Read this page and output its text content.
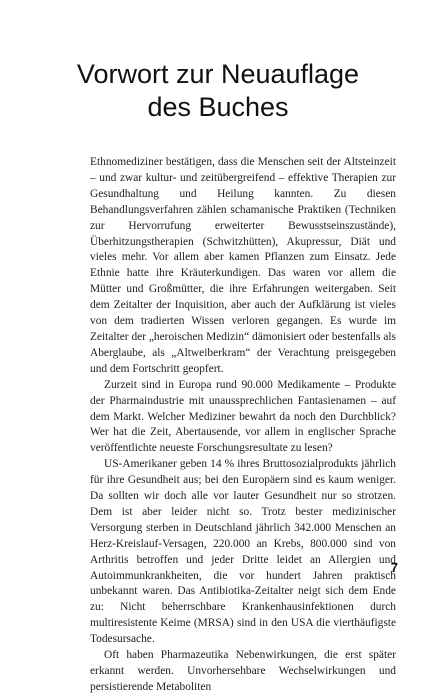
Vorwort zur Neuauflage
des Buches

Ethnomediziner bestätigen, dass die Menschen seit der Altsteinzeit – und zwar kultur- und zeitübergreifend – effektive Therapien zur Gesundhaltung und Heilung kannten. Zu diesen Behandlungsverfahren zählen schamanische Praktiken (Techniken zur Hervorrufung erweiterter Bewusstseinszustände), Überhitzungstherapien (Schwitzhütten), Akupressur, Diät und vieles mehr. Vor allem aber kamen Pflanzen zum Einsatz. Jede Ethnie hatte ihre Kräuterkundigen. Das waren vor allem die Mütter und Großmütter, die ihre Erfahrungen weitergaben. Seit dem Zeitalter der Inquisition, aber auch der Aufklärung ist vieles von dem tradierten Wissen verloren gegangen. Es wurde im Zeitalter der „heroischen Medizin“ dämonisiert oder bestenfalls als Aberglaube, als „Altweiberkram“ der Verachtung preisgegeben und dem Fortschritt geopfert.

Zurzeit sind in Europa rund 90.000 Medikamente – Produkte der Pharmaindustrie mit unaussprechlichen Fantasienamen – auf dem Markt. Welcher Mediziner bewahrt da noch den Durchblick? Wer hat die Zeit, Abertausende, vor allem in englischer Sprache veröffentlichte neueste Forschungsresultate zu lesen?

US-Amerikaner geben 14 % ihres Bruttosozialprodukts jährlich für ihre Gesundheit aus; bei den Europäern sind es kaum weniger. Da sollten wir doch alle vor lauter Gesundheit nur so strotzen. Dem ist aber leider nicht so. Trotz bester medizinischer Versorgung sterben in Deutschland jährlich 342.000 Menschen an Herz-Kreislauf-Versagen, 220.000 an Krebs, 800.000 sind von Arthritis betroffen und jeder Dritte leidet an Allergien und Autoimmunkrankheiten, die vor hundert Jahren praktisch unbekannt waren. Das Antibiotika-Zeitalter neigt sich dem Ende zu: Nicht beherrschbare Krankenhausinfektionen durch multiresistente Keime (MRSA) sind in den USA die vierthäufigste Todesursache.

Oft haben Pharmazeutika Nebenwirkungen, die erst später erkannt werden. Unvorhersehbare Wechselwirkungen und persistierende Metaboliten

7
